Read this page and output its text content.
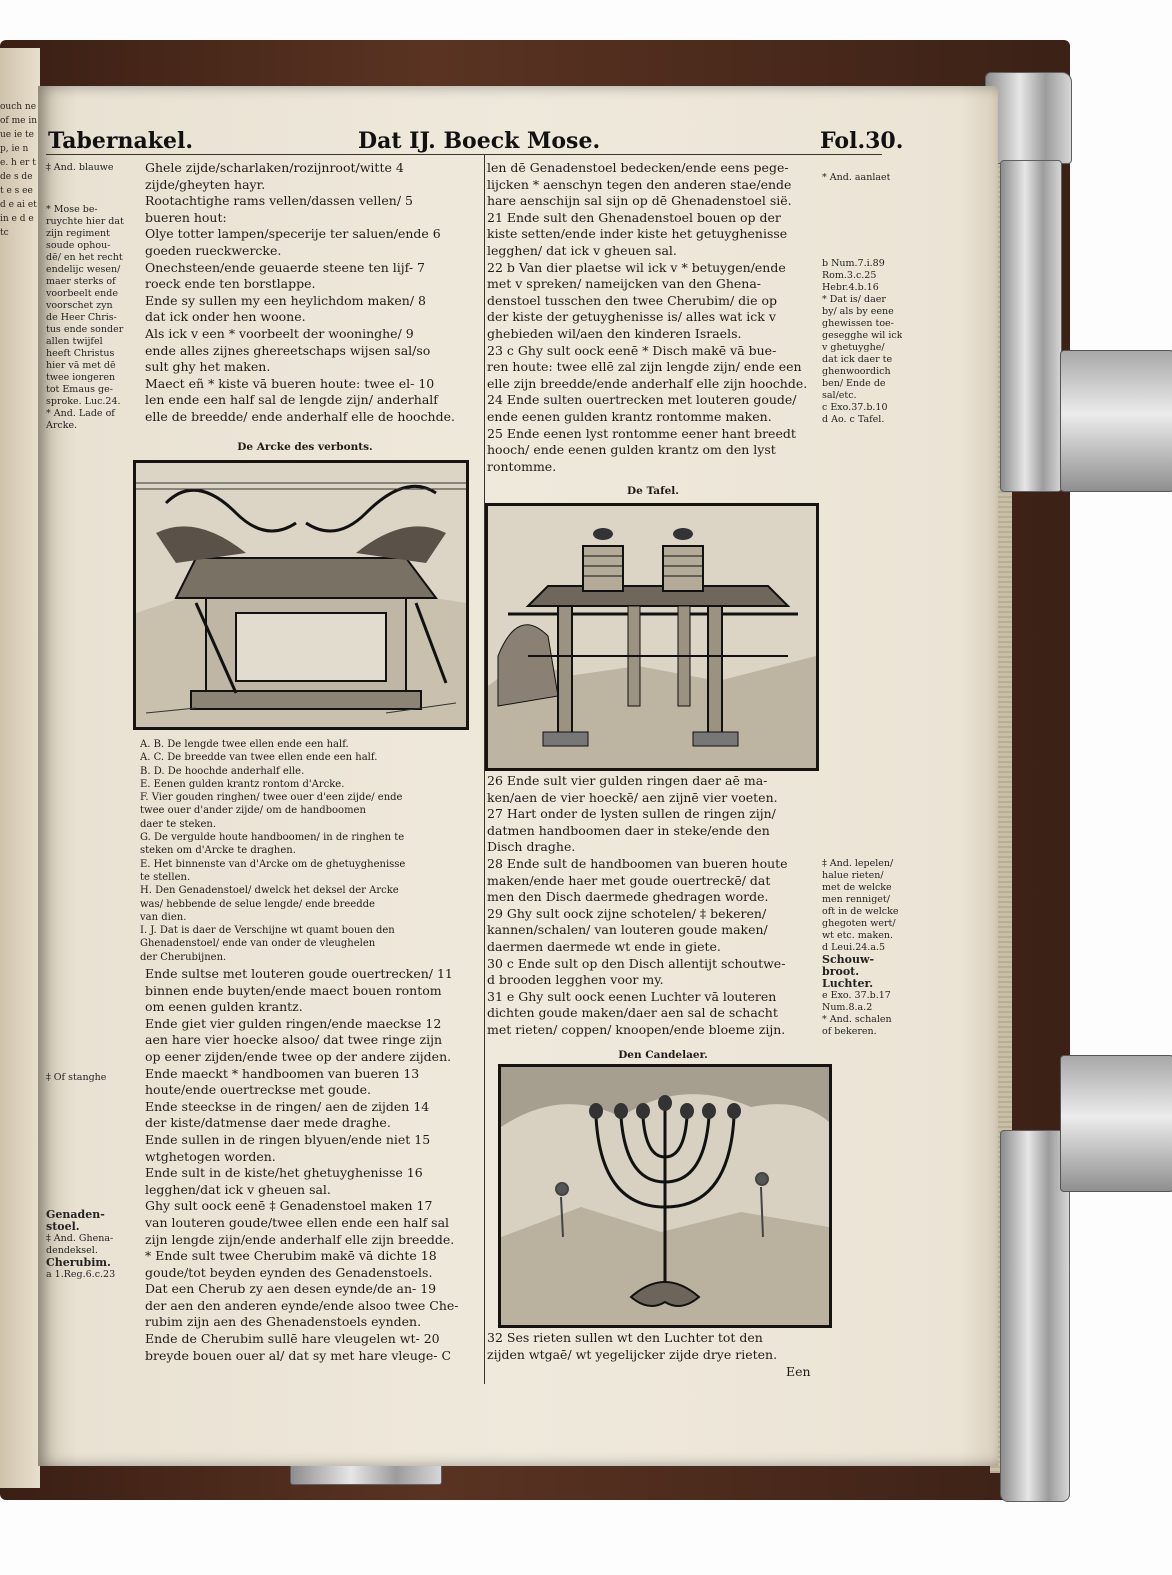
ouch ne of me in ue ie te p, ie n e. h er t de s de t e s ee d e ai et in e d e tc
Tabernakel.	Dat IJ. Boeck Mose.	Fol.30.
‡ And. blauwe
* Mose be-
ruychte hier dat
zijn regiment
soude ophou-
dē/ en het recht
endelijc wesen/
maer sterks of
voorbeelt ende
voorschet zyn
de Heer Chris-
tus ende sonder
allen twijfel
heeft Christus
hier vā met dē
twee iongeren
tot Emaus ge-
sproke. Luc.24.
* And. Lade of
Arcke.
‡ Of stanghe
Genaden-
stoel.
‡ And. Ghena-
dendeksel.
Cherubim.
a 1.Reg.6.c.23
Ghele zijde/scharlaken/rozijnroot/witte 4
zijde/gheyten hayr.
Rootachtighe rams vellen/dassen vellen/ 5
bueren hout:
Olye totter lampen/specerije ter saluen/ende 6
goeden rueckwercke.
Onechsteen/ende geuaerde steene ten lijf- 7
roeck ende ten borstlappe.
Ende sy sullen my een heylichdom maken/ 8
dat ick onder hen woone.
Als ick v een * voorbeelt der wooninghe/ 9
ende alles zijnes ghereetschaps wijsen sal/so
sult ghy het maken.
Maect eñ * kiste vā bueren houte: twee el- 10
len ende een half sal de lengde zijn/ anderhalf
elle de breedde/ ende anderhalf elle de hoochde.
De Arcke des verbonts.
A. B. De lengde twee ellen ende een half.
A. C. De breedde van twee ellen ende een half.
B. D. De hoochde anderhalf elle.
E. Eenen gulden krantz rontom d'Arcke.
F. Vier gouden ringhen/ twee ouer d'een zijde/ ende
twee ouer d'ander zijde/ om de handboomen
daer te steken.
G. De vergulde houte handboomen/ in de ringhen te
steken om d'Arcke te draghen.
E. Het binnenste van d'Arcke om de ghetuyghenisse
te stellen.
H. Den Genadenstoel/ dwelck het deksel der Arcke
was/ hebbende de selue lengde/ ende breedde
van dien.
I. J. Dat is daer de Verschijne wt quamt bouen den
Ghenadenstoel/ ende van onder de vleughelen
der Cherubijnen.
Ende sultse met louteren goude ouertrecken/ 11
binnen ende buyten/ende maect bouen rontom
om eenen gulden krantz.
Ende giet vier gulden ringen/ende maeckse 12
aen hare vier hoecke alsoo/ dat twee ringe zijn
op eener zijden/ende twee op der andere zijden.
Ende maeckt * handboomen van bueren 13
houte/ende ouertreckse met goude.
Ende steeckse in de ringen/ aen de zijden 14
der kiste/datmense daer mede draghe.
Ende sullen in de ringen blyuen/ende niet 15
wtghetogen worden.
Ende sult in de kiste/het ghetuyghenisse 16
legghen/dat ick v gheuen sal.
Ghy sult oock eenē ‡ Genadenstoel maken 17
van louteren goude/twee ellen ende een half sal
zijn lengde zijn/ende anderhalf elle zijn breedde.
* Ende sult twee Cherubim makē vā dichte 18
goude/tot beyden eynden des Genadenstoels.
Dat een Cherub zy aen desen eynde/de an- 19
der aen den anderen eynde/ende alsoo twee Che-
rubim zijn aen des Ghenadenstoels eynden.
Ende de Cherubim sullē hare vleugelen wt- 20
breyde bouen ouer al/ dat sy met hare vleuge- C
len dē Genadenstoel bedecken/ende eens pege-
lijcken * aenschyn tegen den anderen stae/ende
hare aenschijn sal sijn op dē Ghenadenstoel sië.
21 Ende sult den Ghenadenstoel bouen op der
kiste setten/ende inder kiste het getuyghenisse
legghen/ dat ick v gheuen sal.
22 b Van dier plaetse wil ick v * betuygen/ende
met v spreken/ nameijcken van den Ghena-
denstoel tusschen den twee Cherubim/ die op
der kiste der getuyghenisse is/ alles wat ick v
ghebieden wil/aen den kinderen Israels.
23 c Ghy sult oock eenē * Disch makē vā bue-
ren houte: twee ellē zal zijn lengde zijn/ ende een
elle zijn breedde/ende anderhalf elle zijn hoochde.
24 Ende sulten ouertrecken met louteren goude/
ende eenen gulden krantz rontomme maken.
25 Ende eenen lyst rontomme eener hant breedt
hooch/ ende eenen gulden krantz om den lyst
rontomme.
De Tafel.
26 Ende sult vier gulden ringen daer aē ma-
ken/aen de vier hoeckē/ aen zijnē vier voeten.
27 Hart onder de lysten sullen de ringen zijn/
datmen handboomen daer in steke/ende den
Disch draghe.
28 Ende sult de handboomen van bueren houte
maken/ende haer met goude ouertreckē/ dat
men den Disch daermede ghedragen worde.
29 Ghy sult oock zijne schotelen/ ‡ bekeren/
kannen/schalen/ van louteren goude maken/
daermen daermede wt ende in giete.
30 c Ende sult op den Disch allentijt schoutwe-
d brooden legghen voor my.
31 e Ghy sult oock eenen Luchter vā louteren
dichten goude maken/daer aen sal de schacht
met rieten/ coppen/ knoopen/ende bloeme zijn.
Den Candelaer.
32 Ses rieten sullen wt den Luchter tot den
zijden wtgaē/ wt yegelijcker zijde drye rieten.
Een
* And. aanlaet
b Num.7.i.89
Rom.3.c.25
Hebr.4.b.16
* Dat is/ daer
by/ als by eene
ghewissen toe-
gesegghe wil ick
v ghetuyghe/
dat ick daer te
ghenwoordich
ben/ Ende de
sal/etc.
c Exo.37.b.10
d Ao. c Tafel.
‡ And. lepelen/
halue rieten/
met de welcke
men renniget/
oft in de welcke
ghegoten wert/
wt etc. maken.
d Leui.24.a.5
Schouw-
broot.
Luchter.
e Exo. 37.b.17
Num.8.a.2
* And. schalen
of bekeren.
